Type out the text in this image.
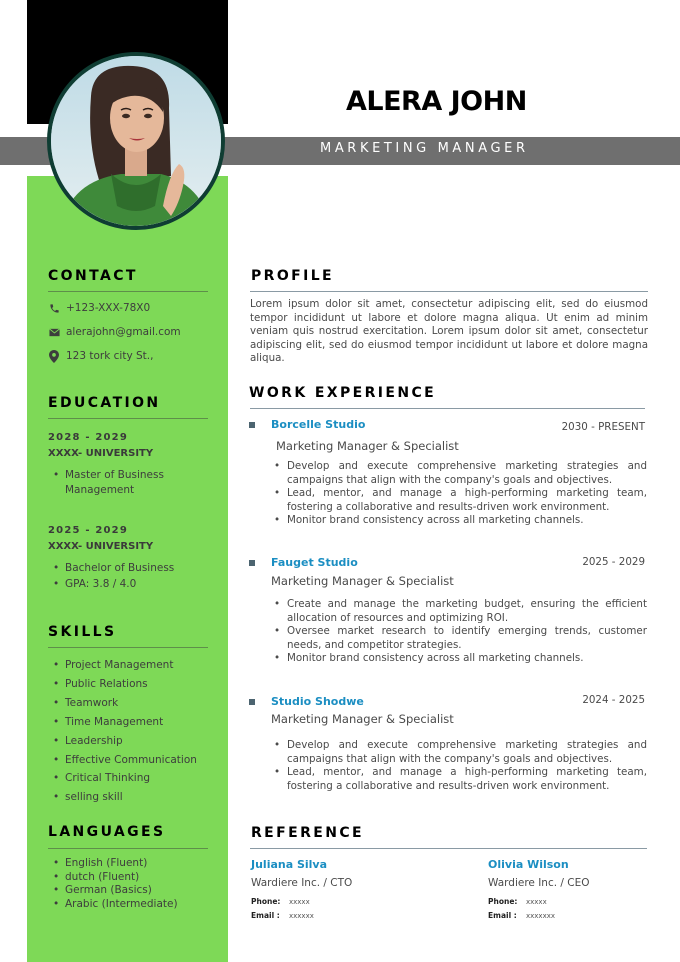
ALERA JOHN
MARKETING MANAGER
CONTACT
+123-XXX-78X0
alerajohn@gmail.com
123 tork city St.,
EDUCATION
2028 - 2029
XXXX- UNIVERSITY
• Master of Business
Management
2025 - 2029
XXXX- UNIVERSITY
• Bachelor of Business
• GPA: 3.8 / 4.0
SKILLS
• Project Management
• Public Relations
• Teamwork
• Time Management
• Leadership
• Effective Communication
• Critical Thinking
• selling skill
LANGUAGES
• English (Fluent)
• dutch (Fluent)
• German (Basics)
• Arabic (Intermediate)
PROFILE
Lorem ipsum dolor sit amet, consectetur adipiscing elit, sed do eiusmod tempor incididunt ut labore et dolore magna aliqua. Ut enim ad minim veniam quis nostrud exercitation. Lorem ipsum dolor sit amet, consectetur adipiscing elit, sed do eiusmod tempor incididunt ut labore et dolore magna aliqua.
WORK EXPERIENCE
Borcelle Studio	2030 - PRESENT
Marketing Manager & Specialist
• Develop and execute comprehensive marketing strategies and campaigns that align with the company's goals and objectives.
• Lead, mentor, and manage a high-performing marketing team, fostering a collaborative and results-driven work environment.
• Monitor brand consistency across all marketing channels.
Fauget Studio	2025 - 2029
Marketing Manager & Specialist
• Create and manage the marketing budget, ensuring the efficient allocation of resources and optimizing ROI.
• Oversee market research to identify emerging trends, customer needs, and competitor strategies.
• Monitor brand consistency across all marketing channels.
Studio Shodwe	2024 - 2025
Marketing Manager & Specialist
• Develop and execute comprehensive marketing strategies and campaigns that align with the company's goals and objectives.
• Lead, mentor, and manage a high-performing marketing team, fostering a collaborative and results-driven work environment.
REFERENCE
Juliana Silva
Wardiere Inc. / CTO
Phone: xxxxx
Email : xxxxxx
Olivia Wilson
Wardiere Inc. / CEO
Phone: xxxxx
Email : xxxxxxx
